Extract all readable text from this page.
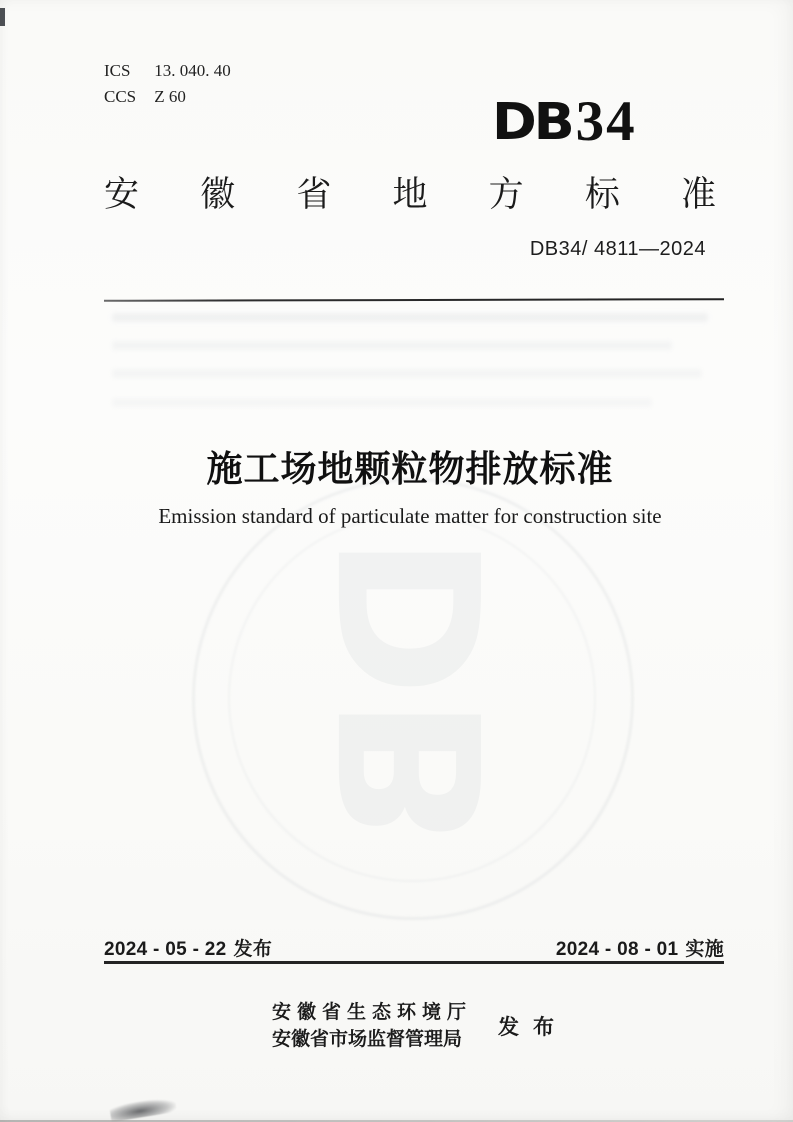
DB
ICS 13. 040. 40
CCS Z 60	DB34
安徽省地方标准
DB34/ 4811—2024
施工场地颗粒物排放标准
Emission standard of particulate matter for construction site
2024 - 05 - 22 发布	2024 - 08 - 01 实施
安徽省生态环境厅
安徽省市场监督管理局
发布
